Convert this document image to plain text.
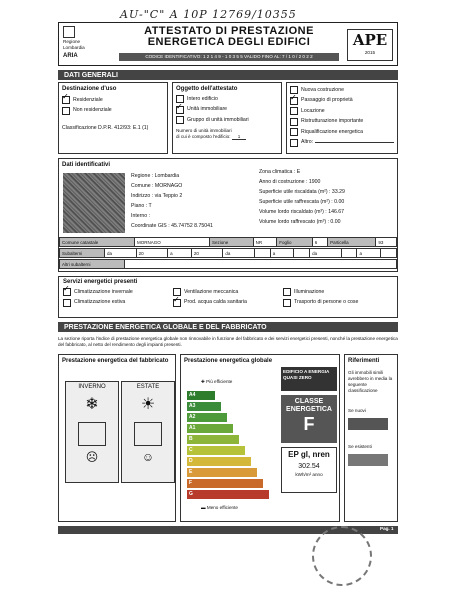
AU-"C" A 10P 12769/10355
Regione
Lombardia
ARIA
ATTESTATO DI PRESTAZIONE
ENERGETICA DEGLI EDIFICI
CODICE IDENTIFICATIVO: 1 2 1 4 9 - 1 0 3 5 5 VALIDO FINO AL: 7 / 1 0 / 2 0 2 2
APE
2015
DATI GENERALI
Destinazione d'uso
✓
Residenziale
Non residenziale
Classificazione D.P.R. 412/93: E.1 (1)
Oggetto dell'attestato
Intero edificio
✓
Unità immobiliare
Gruppo di unità immobiliari
Numero di unità immobiliari
di cui è composto l'edificio: 1
Nuova costruzione
✓
Passaggio di proprietà
Locazione
Ristrutturazione importante
Riqualificazione energetica
Altro:
Dati identificativi
Regione : Lombardia
Comune : MORNAGO
Indirizzo : via Teppio 2
Piano : T
Interno :
Coordinate GIS : 45.74752 8.75041
Zona climatica : E
Anno di costruzione : 1900
Superficie utile riscaldata (m²) : 33.29
Superficie utile raffrescata (m²) : 0.00
Volume lordo riscaldato (m³) : 146.67
Volume lordo raffrescato (m³) : 0.00
Comune catastale	MORNAGO	Sezione	NR	Foglio	6	Particella	93
Subalterni	da	20	a	20	da		a		da		a	
Altri subalterni	
Servizi energetici presenti
✓
Climatizzazione invernale	Ventilazione meccanica	Illuminazione
Climatizzazione estiva
✓	Prod. acqua calda sanitaria	Trasporto di persone o cose
PRESTAZIONE ENERGETICA GLOBALE E DEL FABBRICATO
La sezione riporta l'indice di prestazione energetica globale non rinnovabile in funzione del fabbricato e dei servizi energetici presenti, nonché la prestazione energetica del fabbricato, al netto del rendimento degli impianti presenti.
Prestazione energetica del fabbricato
INVERNO
❄
☹
ESTATE
☀
☺
Prestazione energetica globale
✚ Più efficiente
A4
A3
A2
A1
B
C
D
E
F
G
▬ Meno efficiente
EDIFICIO A ENERGIA QUASI ZERO
CLASSE ENERGETICA
F
EP gl, nren
302.54
kWh/m² anno
Riferimenti
Gli immobili simili avrebbero in media la seguente classificazione
Se nuovi
Se esistenti
Pag. 1
